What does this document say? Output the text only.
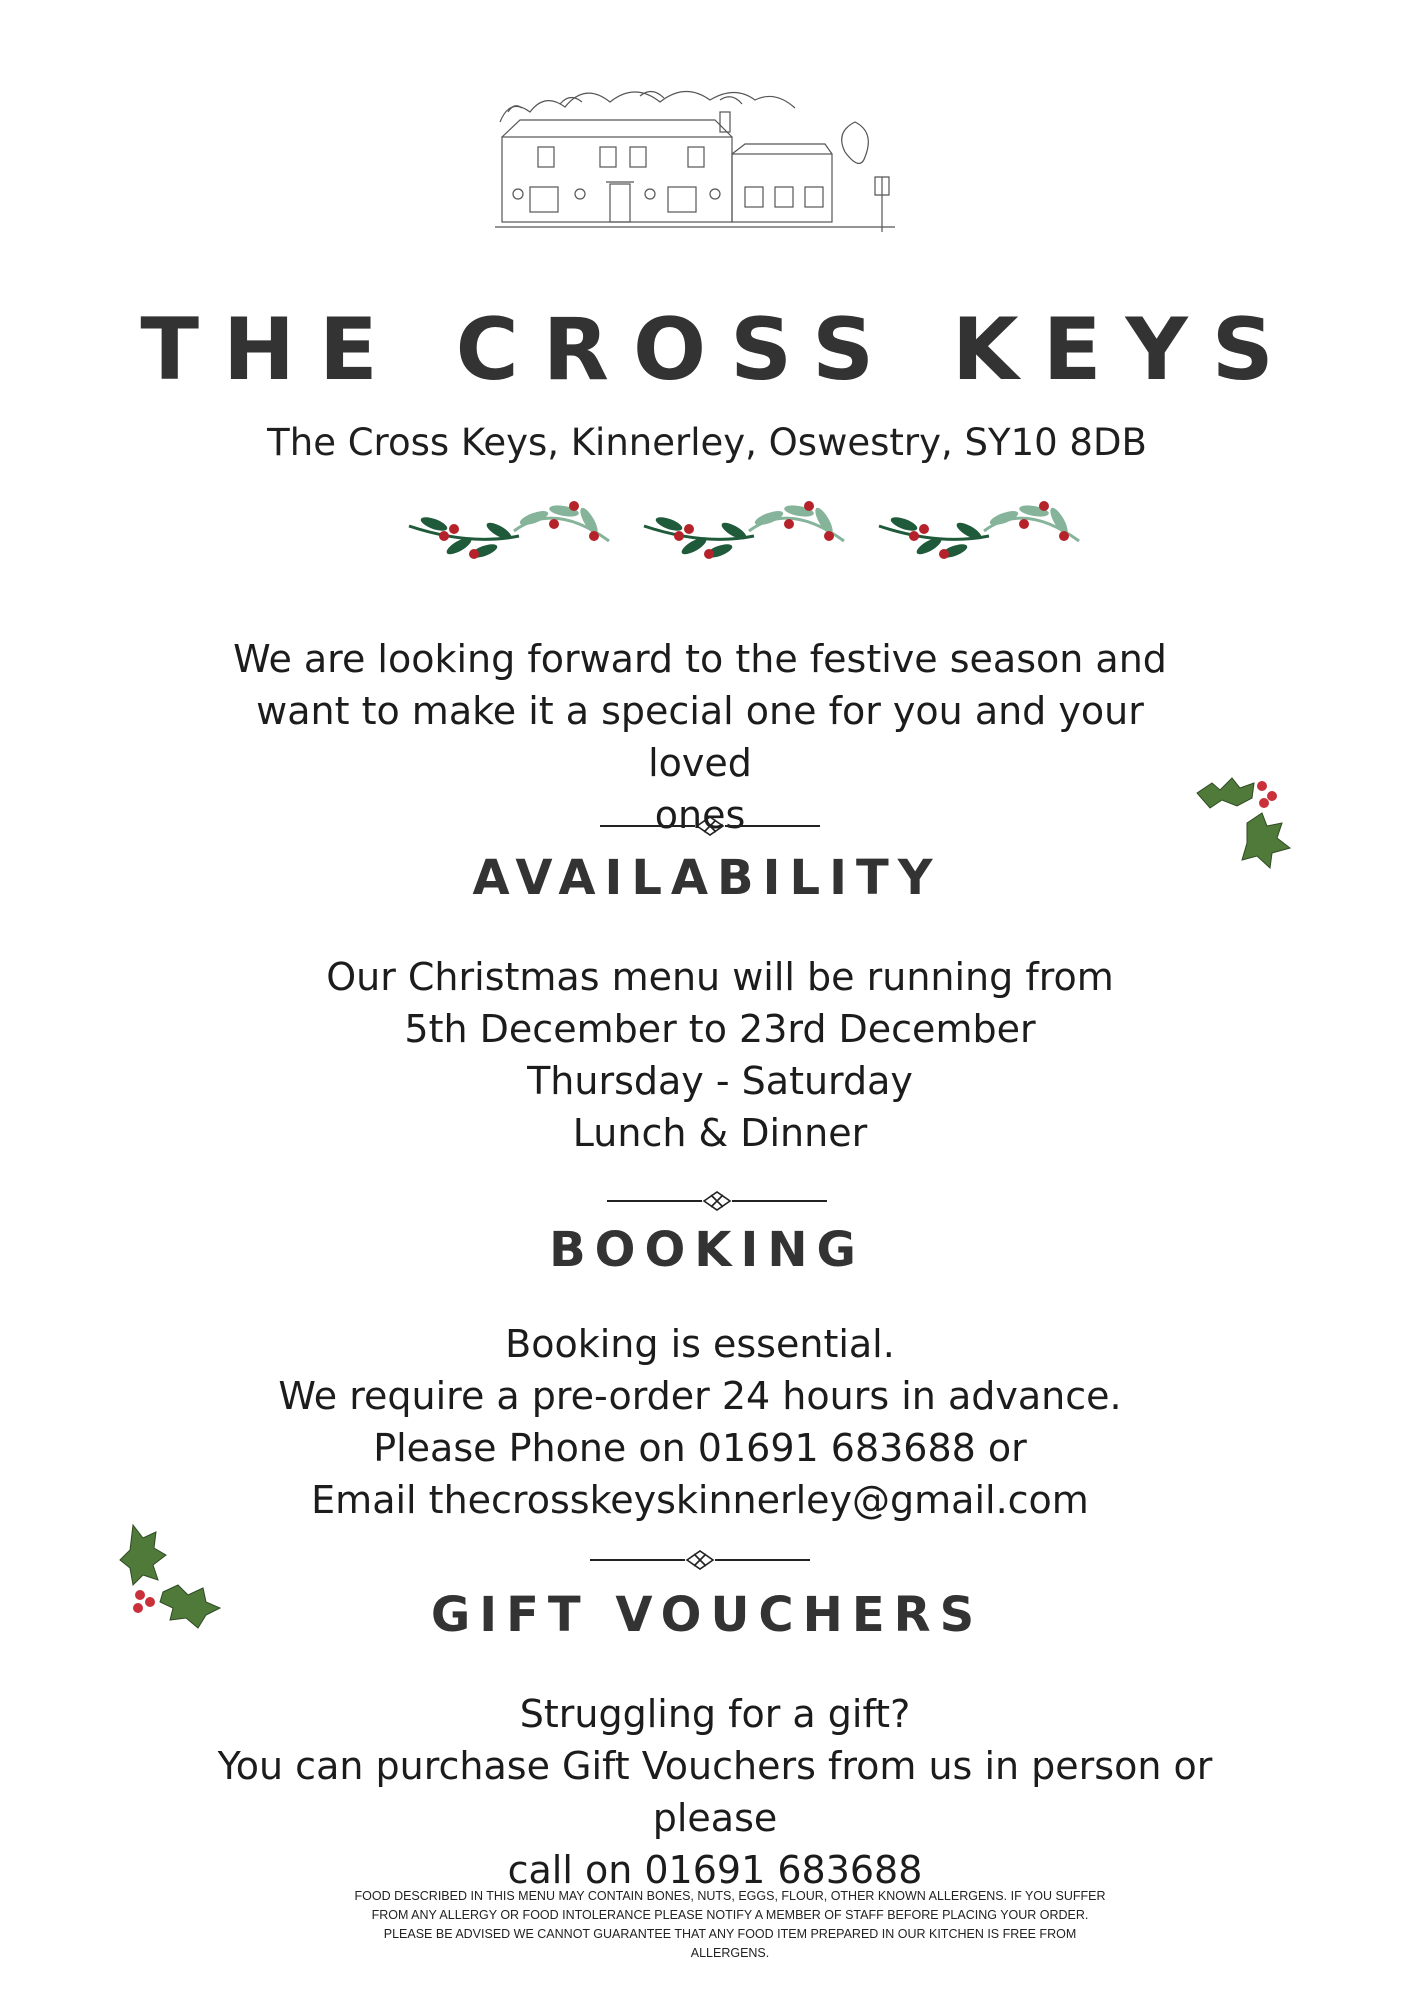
THE CROSS KEYS
The Cross Keys, Kinnerley, Oswestry, SY10 8DB
We are looking forward to the festive season and
want to make it a special one for you and your loved
ones
AVAILABILITY
Our Christmas menu will be running from
5th December to 23rd December
Thursday - Saturday
Lunch & Dinner
BOOKING
Booking is essential.
We require a pre-order 24 hours in advance.
Please Phone on 01691 683688 or
Email thecrosskeyskinnerley@gmail.com
GIFT VOUCHERS
Struggling for a gift?
You can purchase Gift Vouchers from us in person or please
call on 01691 683688
FOOD DESCRIBED IN THIS MENU MAY CONTAIN BONES, NUTS, EGGS, FLOUR, OTHER KNOWN ALLERGENS. IF YOU SUFFER
FROM ANY ALLERGY OR FOOD INTOLERANCE PLEASE NOTIFY A MEMBER OF STAFF BEFORE PLACING YOUR ORDER.
PLEASE BE ADVISED WE CANNOT GUARANTEE THAT ANY FOOD ITEM PREPARED IN OUR KITCHEN IS FREE FROM
ALLERGENS.
